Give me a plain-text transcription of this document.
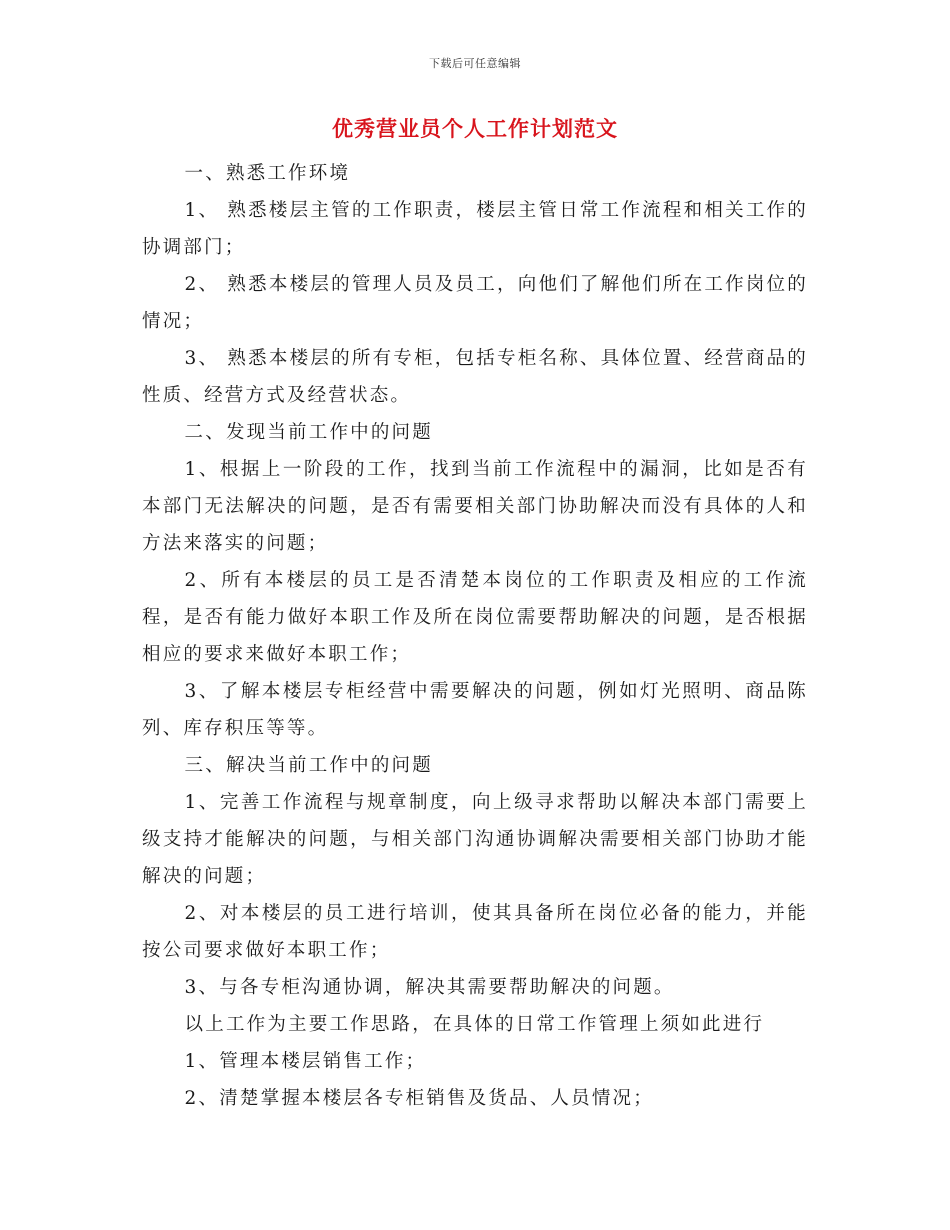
下载后可任意编辑
优秀营业员个人工作计划范文

一、熟悉工作环境

1、 熟悉楼层主管的工作职责，楼层主管日常工作流程和相关工作的协调部门；

2、 熟悉本楼层的管理人员及员工，向他们了解他们所在工作岗位的情况；

3、 熟悉本楼层的所有专柜，包括专柜名称、具体位置、经营商品的性质、经营方式及经营状态。

二、发现当前工作中的问题

1、根据上一阶段的工作，找到当前工作流程中的漏洞，比如是否有本部门无法解决的问题，是否有需要相关部门协助解决而没有具体的人和方法来落实的问题；

2、所有本楼层的员工是否清楚本岗位的工作职责及相应的工作流程，是否有能力做好本职工作及所在岗位需要帮助解决的问题，是否根据相应的要求来做好本职工作；

3、了解本楼层专柜经营中需要解决的问题，例如灯光照明、商品陈列、库存积压等等。

三、解决当前工作中的问题

1、完善工作流程与规章制度，向上级寻求帮助以解决本部门需要上级支持才能解决的问题，与相关部门沟通协调解决需要相关部门协助才能解决的问题；

2、对本楼层的员工进行培训，使其具备所在岗位必备的能力，并能按公司要求做好本职工作；

3、与各专柜沟通协调，解决其需要帮助解决的问题。

以上工作为主要工作思路，在具体的日常工作管理上须如此进行

1、管理本楼层销售工作；

2、清楚掌握本楼层各专柜销售及货品、人员情况；
